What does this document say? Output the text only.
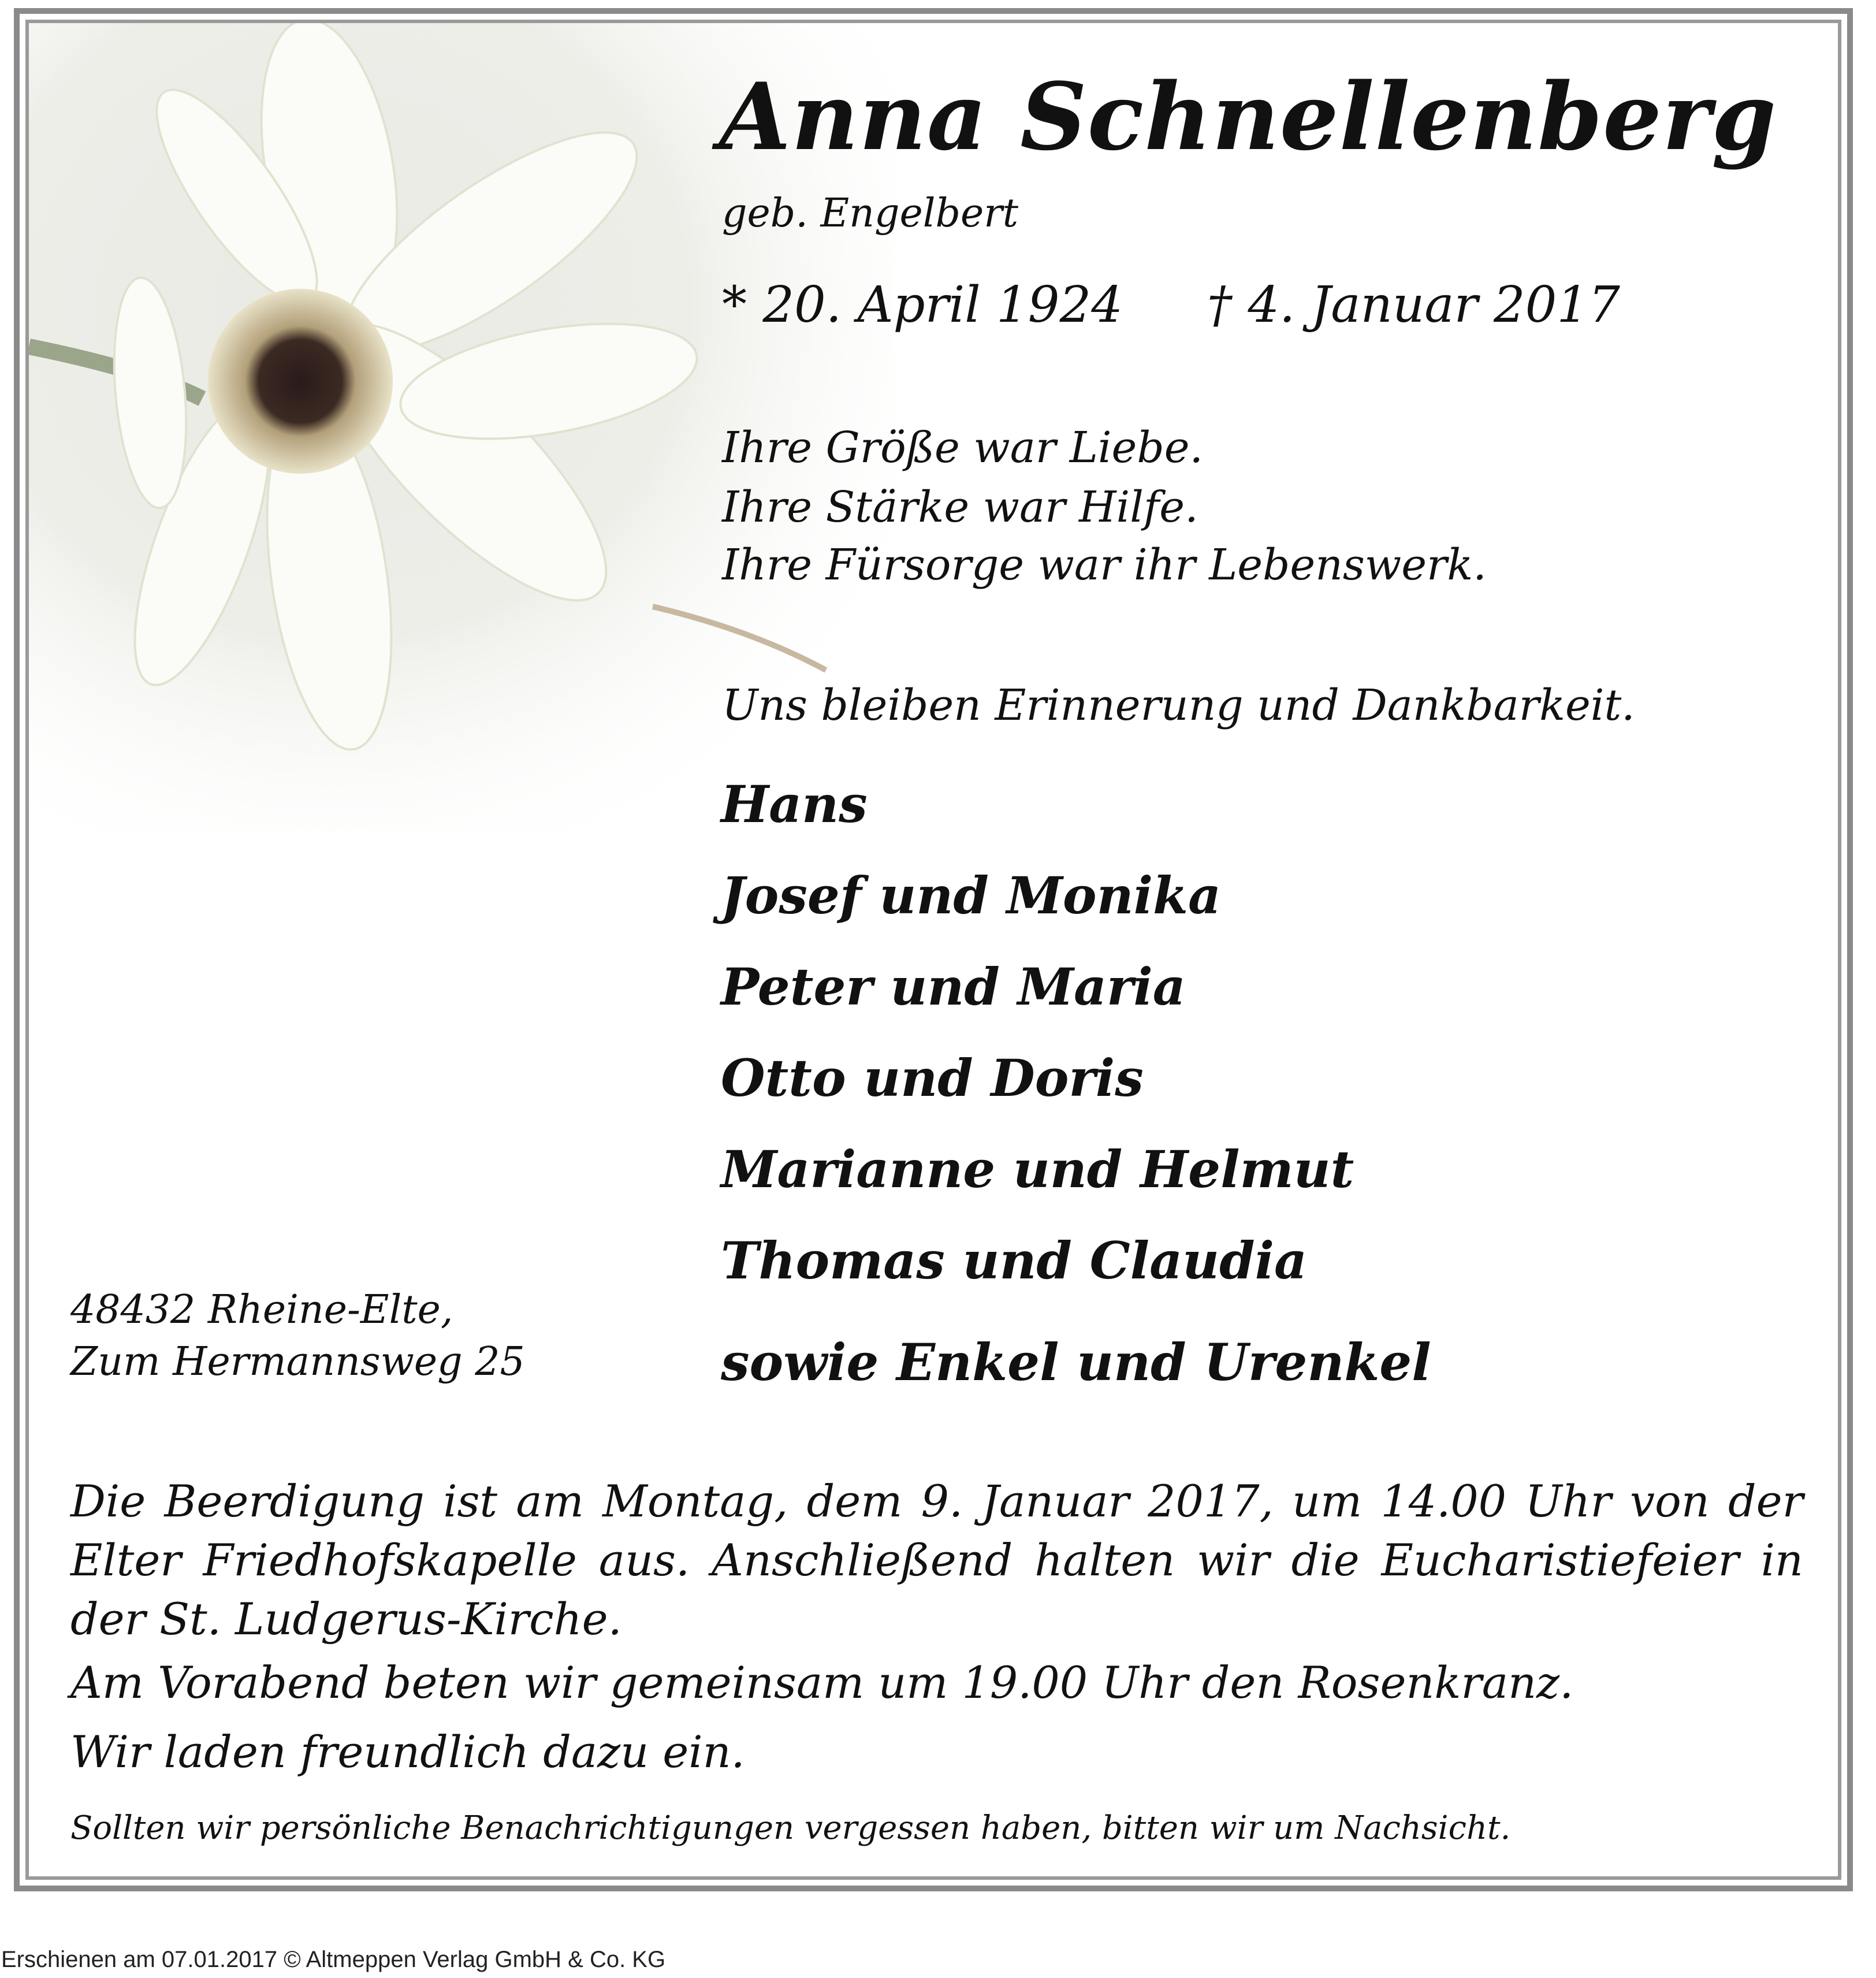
Anna Schnellenberg
geb. Engelbert
* 20. April 1924 † 4. Januar 2017
Ihre Größe war Liebe.
Ihre Stärke war Hilfe.
Ihre Fürsorge war ihr Lebenswerk.
Uns bleiben Erinnerung und Dankbarkeit.
Hans
Josef und Monika
Peter und Maria
Otto und Doris
Marianne und Helmut
Thomas und Claudia
sowie Enkel und Urenkel
48432 Rheine-Elte,
Zum Hermannsweg 25
Die Beerdigung ist am Montag, dem 9. Januar 2017, um 14.00 Uhr von der Elter Friedhofskapelle aus. Anschließend halten wir die Eucharistiefeier in der St. Ludgerus-Kirche.
Am Vorabend beten wir gemeinsam um 19.00 Uhr den Rosenkranz.
Wir laden freundlich dazu ein.
Sollten wir persönliche Benachrichtigungen vergessen haben, bitten wir um Nachsicht.
Erschienen am 07.01.2017 © Altmeppen Verlag GmbH & Co. KG
